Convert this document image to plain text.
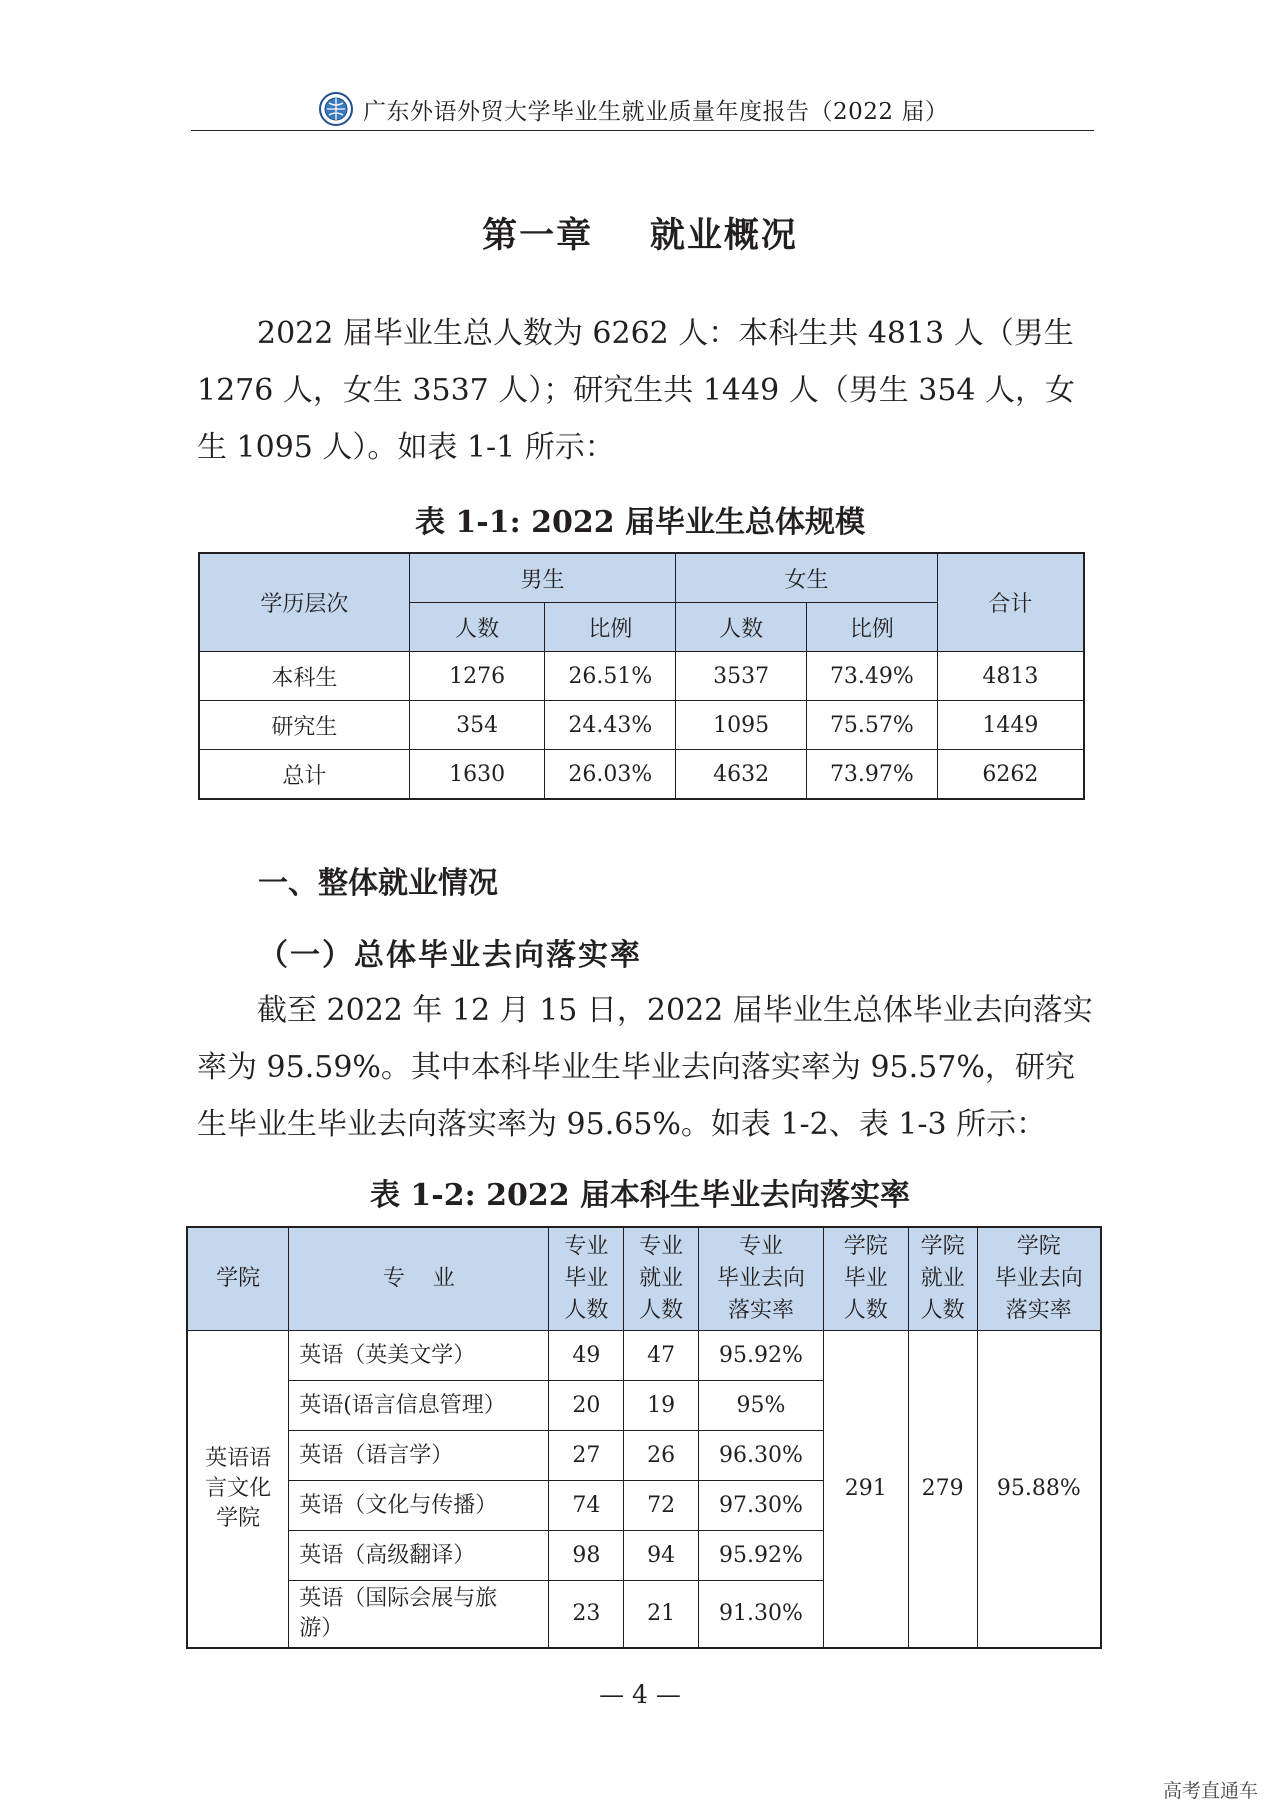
广东外语外贸大学毕业生就业质量年度报告（2022 届）
第一章    就业概况
2022 届毕业生总人数为 6262 人：本科生共 4813 人（男生
1276 人，女生 3537 人）；研究生共 1449 人（男生 354 人，女
生 1095 人）。如表 1-1 所示：
表 1-1: 2022 届毕业生总体规模
学历层次	男生		女生		合计
	人数	比例	人数	比例	
本科生	1276	26.51%	3537	73.49%	4813
研究生	354	24.43%	1095	75.57%	1449
总计	1630	26.03%	4632	73.97%	6262
一、整体就业情况
（一）总体毕业去向落实率
截至 2022 年 12 月 15 日，2022 届毕业生总体毕业去向落实
率为 95.59%。其中本科毕业生毕业去向落实率为 95.57%，研究
生毕业生毕业去向落实率为 95.65%。如表 1-2、表 1-3 所示：
表 1-2: 2022 届本科生毕业去向落实率
学院	专    业	专业
毕业
人数	专业
就业
人数	专业
毕业去向
落实率	学院
毕业
人数	学院
就业
人数	学院
毕业去向
落实率
英语语
言文化
学院	英语（英美文学）	49	47	95.92%	291	279	95.88%
	英语(语言信息管理）	20	19	95%			
	英语（语言学）	27	26	96.30%			
	英语（文化与传播）	74	72	97.30%			
	英语（高级翻译）	98	94	95.92%			
	英语（国际会展与旅
游）	23	21	91.30%			
— 4 —
高考直通车
